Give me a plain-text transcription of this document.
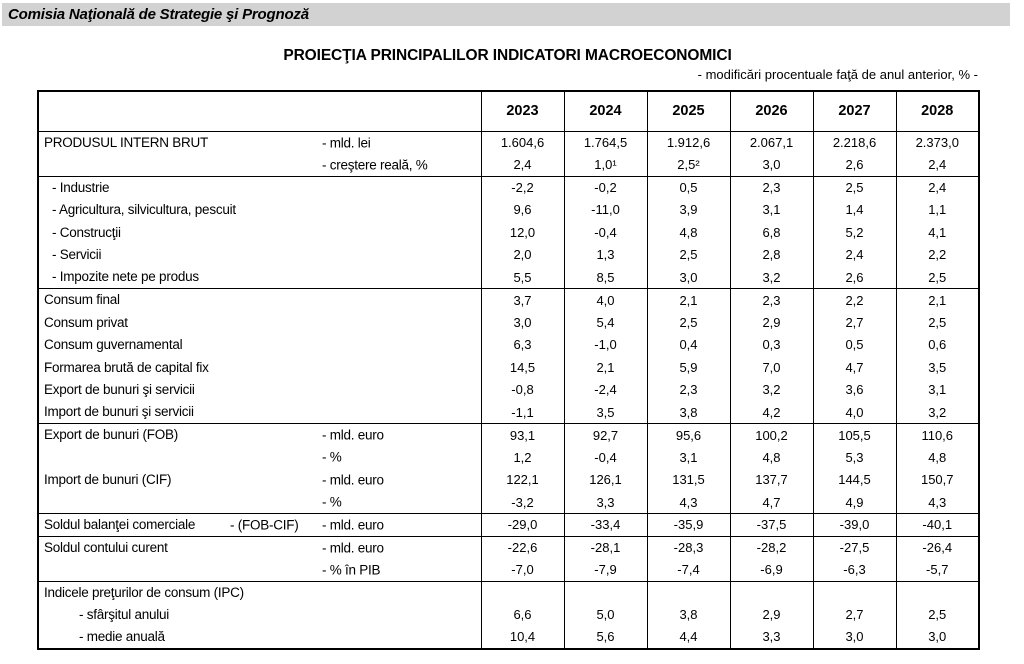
Comisia Naţională de Strategie şi Prognoză
PROIECŢIA PRINCIPALILOR INDICATORI MACROECONOMICI
- modificări procentuale faţă de anul anterior, % -
	2023	2024	2025	2026	2027	2028
PRODUSUL INTERN BRUT - mld. lei	1.604,6	1.764,5	1.912,6	2.067,1	2.218,6	2.373,0

- creştere reală, %	2,4	1,0¹	2,5²	3,0	2,6	2,4
- Industrie	-2,2	-0,2	0,5	2,3	2,5	2,4
- Agricultura, silvicultura, pescuit	9,6	-11,0	3,9	3,1	1,4	1,1
- Construcţii	12,0	-0,4	4,8	6,8	5,2	4,1
- Servicii	2,0	1,3	2,5	2,8	2,4	2,2
- Impozite nete pe produs	5,5	8,5	3,0	3,2	2,6	2,5
Consum final	3,7	4,0	2,1	2,3	2,2	2,1
Consum privat	3,0	5,4	2,5	2,9	2,7	2,5
Consum guvernamental	6,3	-1,0	0,4	0,3	0,5	0,6
Formarea brută de capital fix	14,5	2,1	5,9	7,0	4,7	3,5
Export de bunuri şi servicii	-0,8	-2,4	2,3	3,2	3,6	3,1
Import de bunuri şi servicii	-1,1	3,5	3,8	4,2	4,0	3,2
Export de bunuri (FOB) - mld. euro	93,1	92,7	95,6	100,2	105,5	110,6

- %	1,2	-0,4	3,1	4,8	5,3	4,8
Import de bunuri (CIF) - mld. euro	122,1	126,1	131,5	137,7	144,5	150,7

- %	-3,2	3,3	4,3	4,7	4,9	4,3
Soldul balanţei comerciale - (FOB-CIF) - mld. euro	-29,0	-33,4	-35,9	-37,5	-39,0	-40,1
Soldul contului curent - mld. euro	-22,6	-28,1	-28,3	-28,2	-27,5	-26,4

- % în PIB	-7,0	-7,9	-7,4	-6,9	-6,3	-5,7
Indicele preţurilor de consum (IPC)						
- sfârşitul anului	6,6	5,0	3,8	2,9	2,7	2,5
- medie anuală	10,4	5,6	4,4	3,3	3,0	3,0
